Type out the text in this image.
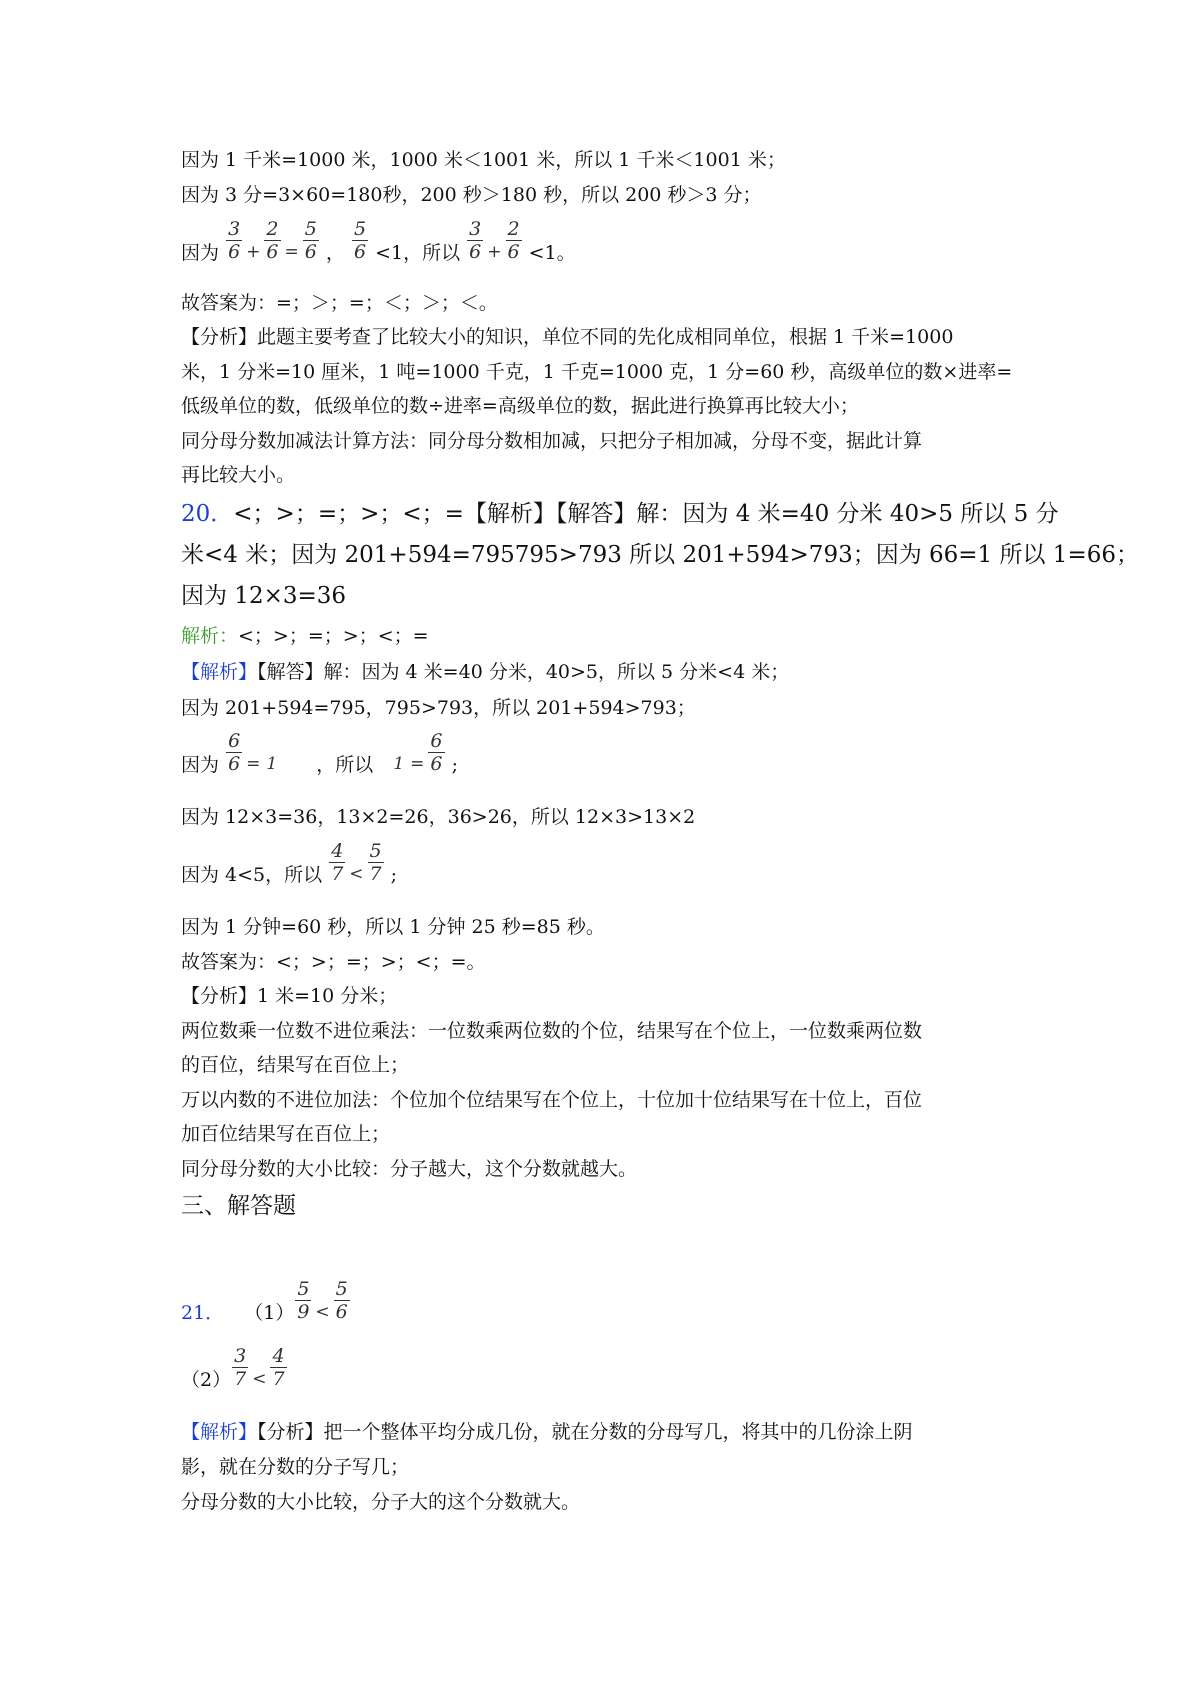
因为 1 千米=1000 米，1000 米＜1001 米，所以 1 千米＜1001 米；
因为 3 分=3×60=180秒，200 秒＞180 秒，所以 200 秒＞3 分；
因为 $\frac{3}{6} + \frac{2}{6} = \frac{5}{6}$ ， $\frac{5}{6} <1$，所以 $\frac{3}{6} + \frac{2}{6} <1$。
故答案为：=；＞；=；＜；＞；＜。
【分析】此题主要考查了比较大小的知识，单位不同的先化成相同单位，根据 1 千米=1000
米，1 分米=10 厘米，1 吨=1000 千克，1 千克=1000 克，1 分=60 秒，高级单位的数×进率=
低级单位的数，低级单位的数÷进率=高级单位的数，据此进行换算再比较大小；
同分母分数加减法计算方法：同分母分数相加减，只把分子相加减，分母不变，据此计算
再比较大小。
20．<；>；=；>；<；=【解析】【解答】解：因为 4 米=40 分米 40>5 所以 5 分
米<4 米；因为 201+594=795795>793 所以 201+594>793；因为 66=1 所以 1=66；
因为 12×3=36
解析：<；>；=；>；<；=
【解析】【解答】解：因为 4 米=40 分米，40>5，所以 5 分米<4 米；
因为 201+594=795，795>793，所以 201+594>793；
因为 $\frac{6}{6} = 1$ ，所以 $1 = \frac{6}{6}$ ;
因为 12×3=36，13×2=26，36>26，所以 12×3>13×2
因为 4<5，所以 $\frac{4}{7} < \frac{5}{7}$ ;
因为 1 分钟=60 秒，所以 1 分钟 25 秒=85 秒。
故答案为：<；>；=；>；<；=。
【分析】1 米=10 分米；
两位数乘一位数不进位乘法：一位数乘两位数的个位，结果写在个位上，一位数乘两位数
的百位，结果写在百位上；
万以内数的不进位加法：个位加个位结果写在个位上，十位加十位结果写在十位上，百位
加百位结果写在百位上；
同分母分数的大小比较：分子越大，这个分数就越大。
三、解答题
21． $(1) \frac{5}{9} < \frac{5}{6}$
$(2) \frac{3}{7} < \frac{4}{7}$
【解析】【分析】把一个整体平均分成几份，就在分数的分母写几，将其中的几份涂上阴
影，就在分数的分子写几；
分母分数的大小比较，分子大的这个分数就大。
